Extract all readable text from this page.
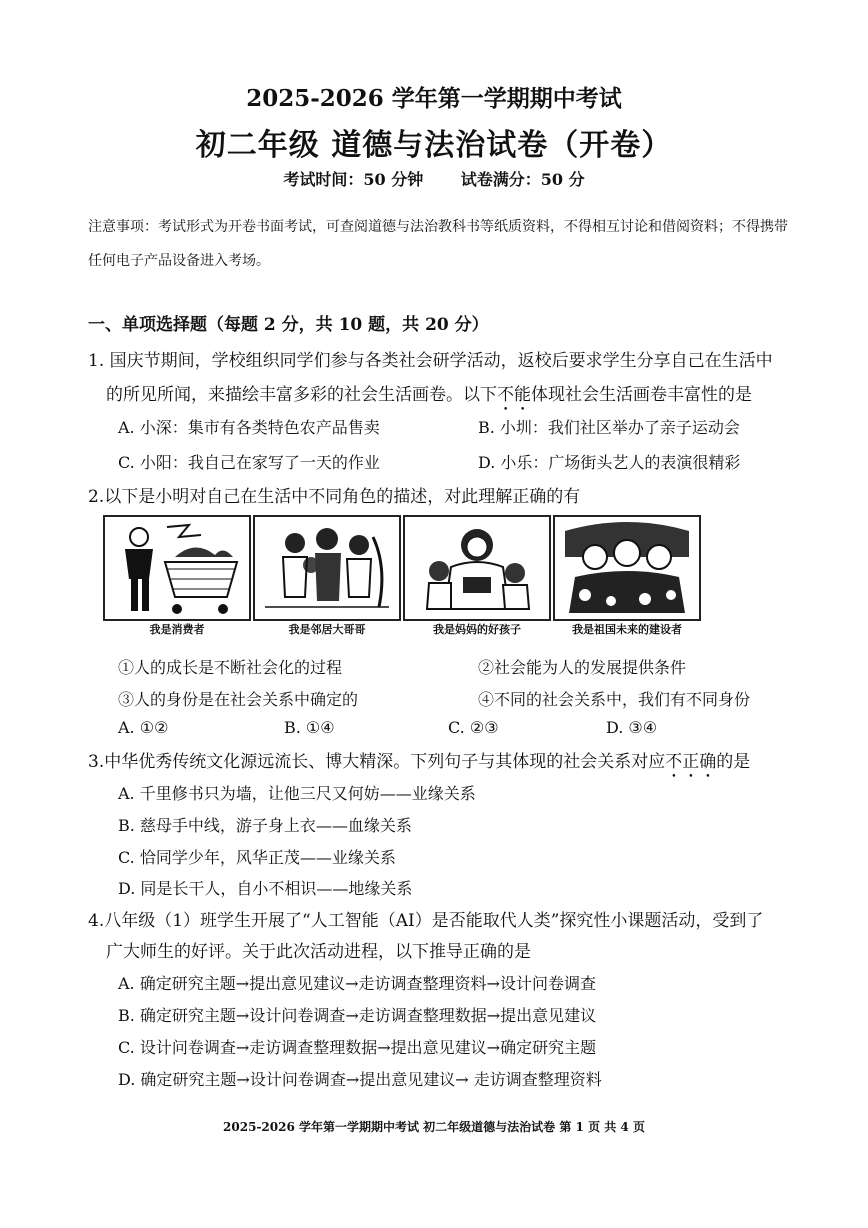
2025-2026 学年第一学期期中考试
初二年级 道德与法治试卷（开卷）
考试时间：50 分钟 试卷满分：50 分
注意事项：考试形式为开卷书面考试，可查阅道德与法治教科书等纸质资料，不得相互讨论和借阅资料；不得携带任何电子产品设备进入考场。
一、单项选择题（每题 2 分，共 10 题，共 20 分）
1. 国庆节期间，学校组织同学们参与各类社会研学活动，返校后要求学生分享自己在生活中
的所见所闻，来描绘丰富多彩的社会生活画卷。以下不能体现社会生活画卷丰富性的是
A. 小深：集市有各类特色农产品售卖	B. 小圳：我们社区举办了亲子运动会
C. 小阳：我自己在家写了一天的作业	D. 小乐：广场街头艺人的表演很精彩
2.以下是小明对自己在生活中不同角色的描述，对此理解正确的有
我是消费者	我是邻居大哥哥	我是妈妈的好孩子	我是祖国未来的建设者
①人的成长是不断社会化的过程	②社会能为人的发展提供条件
③人的身份是在社会关系中确定的	④不同的社会关系中，我们有不同身份
A. ①②	B. ①④	C. ②③	D. ③④
3.中华优秀传统文化源远流长、博大精深。下列句子与其体现的社会关系对应不正确的是
A. 千里修书只为墙，让他三尺又何妨——业缘关系
B. 慈母手中线，游子身上衣——血缘关系
C. 恰同学少年，风华正茂——业缘关系
D. 同是长干人，自小不相识——地缘关系
4.八年级（1）班学生开展了“人工智能（AI）是否能取代人类”探究性小课题活动，受到了
广大师生的好评。关于此次活动进程，以下推导正确的是
A. 确定研究主题→提出意见建议→走访调查整理资料→设计问卷调查
B. 确定研究主题→设计问卷调查→走访调查整理数据→提出意见建议
C. 设计问卷调查→走访调查整理数据→提出意见建议→确定研究主题
D. 确定研究主题→设计问卷调查→提出意见建议→ 走访调查整理资料
2025-2026 学年第一学期期中考试 初二年级道德与法治试卷 第 1 页 共 4 页
